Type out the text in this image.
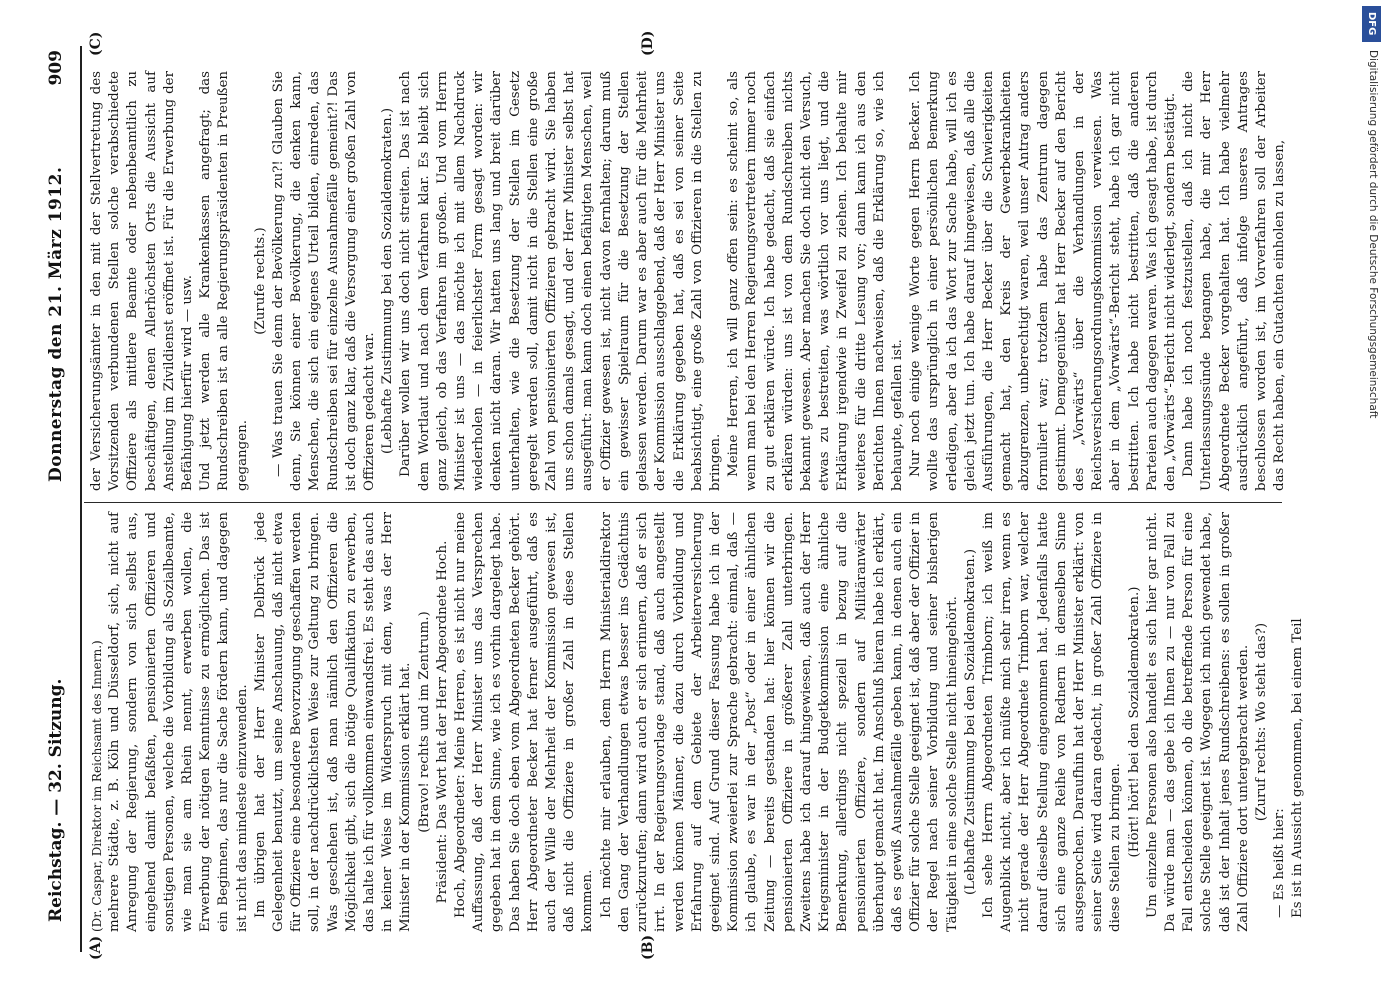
Reichstag. — 32. Sitzung.
Donnerstag den 21. März 1912.
909
(A)	(B)
(C)	(D)

(Dr. Caspar, Direktor im Reichsamt des Innern.) mehrere Städte, z. B. Köln und Düsseldorf, sich, nicht auf Anregung der Regierung, sondern von sich selbst aus, eingehend damit befaßten, pensionierten Offizieren und sonstigen Personen, welche die Vorbildung als Sozialbeamte, wie man sie am Rhein nennt, erwerben wollen, die Erwerbung der nötigen Kenntnisse zu ermöglichen. Das ist ein Beginnen, das nur die Sache fördern kann, und dagegen ist nicht das mindeste einzuwenden. Im übrigen hat der Herr Minister Delbrück jede Gelegenheit benutzt, um seine Anschauung, daß nicht etwa für Offiziere eine besondere Bevorzugung geschaffen werden soll, in der nachdrücklichsten Weise zur Geltung zu bringen. Was geschehen ist, daß man nämlich den Offizieren die Möglichkeit gibt, sich die nötige Qualifikation zu erwerben, das halte ich für vollkommen einwandsfrei. Es steht das auch in keiner Weise im Widerspruch mit dem, was der Herr Minister in der Kommission erklärt hat. (Bravo! rechts und im Zentrum.) Präsident: Das Wort hat der Herr Abgeordnete Hoch. Hoch, Abgeordneter: Meine Herren, es ist nicht nur meine Auffassung, daß der Herr Minister uns das Versprechen gegeben hat in dem Sinne, wie ich es vorhin dargelegt habe. Das haben Sie doch eben vom Abgeordneten Becker gehört. Herr Abgeordneter Becker hat ferner ausgeführt, daß es auch der Wille der Mehrheit der Kommission gewesen ist, daß nicht die Offiziere in großer Zahl in diese Stellen kommen. Ich möchte mir erlauben, dem Herrn Ministerialdirektor den Gang der Verhandlungen etwas besser ins Gedächtnis zurückzurufen; dann wird auch er sich erinnern, daß er sich irrt. In der Regierungsvorlage stand, daß auch angestellt werden können Männer, die dazu durch Vorbildung und Erfahrung auf dem Gebiete der Arbeiterversicherung geeignet sind. Auf Grund dieser Fassung habe ich in der Kommission zweierlei zur Sprache gebracht: einmal, daß — ich glaube, es war in der „Post“ oder in einer ähnlichen Zeitung — bereits gestanden hat: hier können wir die pensionierten Offiziere in größerer Zahl unterbringen. Zweitens habe ich darauf hingewiesen, daß auch der Herr Kriegsminister in der Budgetkommission eine ähnliche Bemerkung, allerdings nicht speziell in bezug auf die pensionierten Offiziere, sondern auf Militäranwärter überhaupt gemacht hat. Im Anschluß hieran habe ich erklärt, daß es gewiß Ausnahmefälle geben kann, in denen auch ein Offizier für solche Stelle geeignet ist, daß aber der Offizier in der Regel nach seiner Vorbildung und seiner bisherigen Tätigkeit in eine solche Stelle nicht hineingehört. (Lebhafte Zustimmung bei den Sozialdemokraten.) Ich sehe Herrn Abgeordneten Trimborn; ich weiß im Augenblick nicht, aber ich müßte mich sehr irren, wenn es nicht gerade der Herr Abgeordnete Trimborn war, welcher darauf dieselbe Stellung eingenommen hat. Jedenfalls hatte sich eine ganze Reihe von Rednern in demselben Sinne ausgesprochen. Daraufhin hat der Herr Minister erklärt: von seiner Seite wird daran gedacht, in großer Zahl Offiziere in diese Stellen zu bringen. (Hört! hört! bei den Sozialdemokraten.) Um einzelne Personen also handelt es sich hier gar nicht. Da würde man — das gebe ich Ihnen zu — nur von Fall zu Fall entscheiden können, ob die betreffende Person für eine solche Stelle geeignet ist. Wogegen ich mich gewendet habe, daß ist der Inhalt jenes Rundschreibens: es sollen in großer Zahl Offiziere dort untergebracht werden. (Zuruf rechts: Wo steht das?)

— Es heißt hier: Es ist in Aussicht genommen, bei einem Teil

der Versicherungsämter in den mit der Stellvertretung des Vorsitzenden verbundenen Stellen solche verabschiedete Offiziere als mittlere Beamte oder nebenbeamtlich zu beschäftigen, denen Allerhöchsten Orts die Aussicht auf Anstellung im Zivildienst eröffnet ist. Für die Erwerbung der Befähigung hierfür wird — usw. Und jetzt werden alle Krankenkassen angefragt; das Rundschreiben ist an alle Regierungspräsidenten in Preußen gegangen.

(Zurufe rechts.) — Was trauen Sie denn der Bevölkerung zu?! Glauben Sie denn, Sie können einer Bevölkerung, die denken kann, Menschen, die sich ein eigenes Urteil bilden, einreden, das Rundschreiben sei für einzelne Ausnahmefälle gemeint?! Das ist doch ganz klar, daß die Versorgung einer großen Zahl von Offizieren gedacht war. (Lebhafte Zustimmung bei den Sozialdemokraten.) Darüber wollen wir uns doch nicht streiten. Das ist nach dem Wortlaut und nach dem Verfahren klar. Es bleibt sich ganz gleich, ob das Verfahren im großen. Und vom Herrn Minister ist uns — das möchte ich mit allem Nachdruck wiederholen — in feierlichster Form gesagt worden: wir denken nicht daran. Wir hatten uns lang und breit darüber unterhalten, wie die Besetzung der Stellen im Gesetz geregelt werden soll, damit nicht in die Stellen eine große Zahl von pensionierten Offizieren gebracht wird. Sie haben uns schon damals gesagt, und der Herr Minister selbst hat ausgeführt: man kann doch einen befähigten Menschen, weil er Offizier gewesen ist, nicht davon fernhalten; darum muß ein gewisser Spielraum für die Besetzung der Stellen gelassen werden. Darum war es aber auch für die Mehrheit der Kommission ausschlaggebend, daß der Herr Minister uns die Erklärung gegeben hat, daß es sei von seiner Seite beabsichtigt, eine große Zahl von Offizieren in die Stellen zu bringen. Meine Herren, ich will ganz offen sein: es scheint so, als wenn man bei den Herren Regierungsvertretern immer noch zu gut erklären würde. Ich habe gedacht, daß sie einfach erklären würden: uns ist von dem Rundschreiben nichts bekannt gewesen. Aber machen Sie doch nicht den Versuch, etwas zu bestreiten, was wörtlich vor uns liegt, und die Erklärung irgendwie in Zweifel zu ziehen. Ich behalte mir weiteres für die dritte Lesung vor; dann kann ich aus den Berichten Ihnen nachweisen, daß die Erklärung so, wie ich behaupte, gefallen ist. Nur noch einige wenige Worte gegen Herrn Becker. Ich wollte das ursprünglich in einer persönlichen Bemerkung erledigen, aber da ich das Wort zur Sache habe, will ich es gleich jetzt tun. Ich habe darauf hingewiesen, daß alle die Ausführungen, die Herr Becker über die Schwierigkeiten gemacht hat, den Kreis der Gewerbekrankheiten abzugrenzen, unberechtigt waren, weil unser Antrag anders formuliert war; trotzdem habe das Zentrum dagegen gestimmt. Demgegenüber hat Herr Becker auf den Bericht des „Vorwärts“ über die Verhandlungen in der Reichsversicherungsordnungskommission verwiesen. Was aber in dem „Vorwärts“-Bericht steht, habe ich gar nicht bestritten. Ich habe nicht bestritten, daß die anderen Parteien auch dagegen waren. Was ich gesagt habe, ist durch den „Vorwärts“-Bericht nicht widerlegt, sondern bestätigt. Dann habe ich noch festzustellen, daß ich nicht die Unterlassungssünde begangen habe, die mir der Herr Abgeordnete Becker vorgehalten hat. Ich habe vielmehr ausdrücklich angeführt, daß infolge unseres Antrages beschlossen worden ist, im Vorverfahren soll der Arbeiter das Recht haben, ein Gutachten einholen zu lassen,

DFG
Digitalisierung gefördert durch die Deutsche Forschungsgemeinschaft
